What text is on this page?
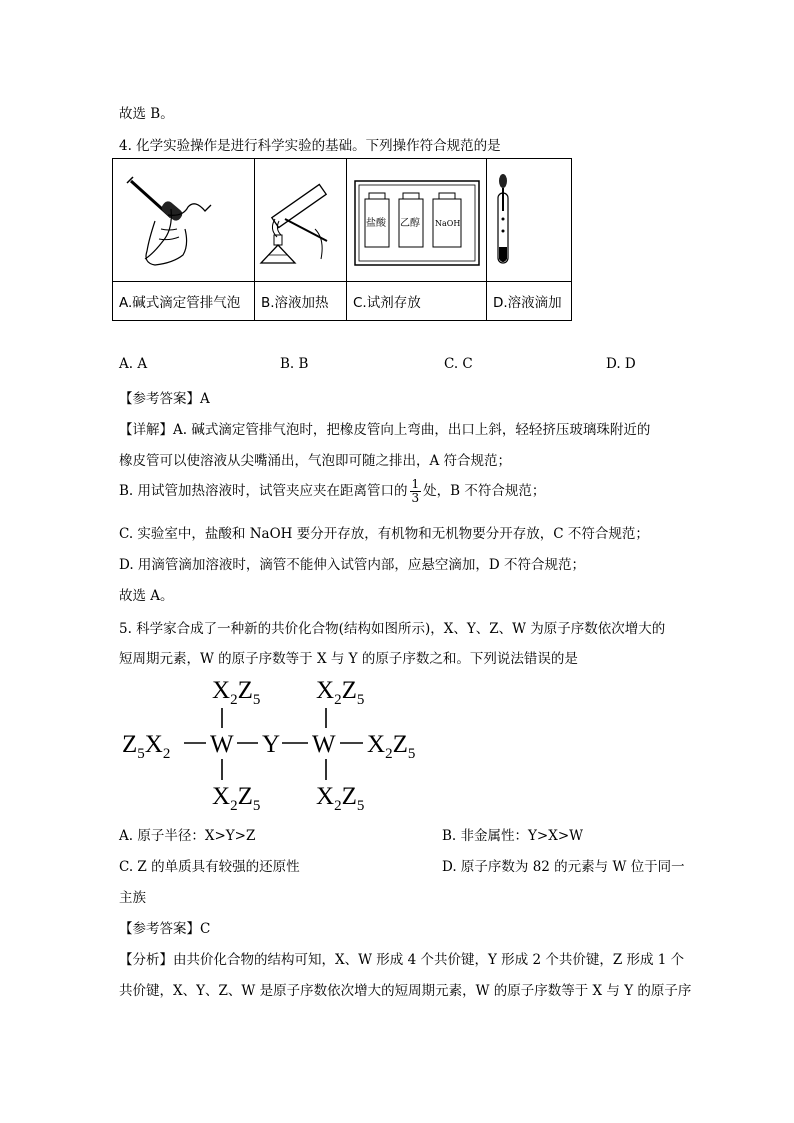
故选 B。
4. 化学实验操作是进行科学实验的基础。下列操作符合规范的是

盐酸 乙醇 NaOH

A.碱式滴定管排气泡	B.溶液加热	C.试剂存放	D.溶液滴加
A. A	B. B	C. C	D. D
【参考答案】A
【详解】A. 碱式滴定管排气泡时，把橡皮管向上弯曲，出口上斜，轻轻挤压玻璃珠附近的
橡皮管可以使溶液从尖嘴涌出，气泡即可随之排出，A 符合规范；
B. 用试管加热溶液时，试管夹应夹在距离管口的 $\frac{1}{3}$ 处，B 不符合规范；
C. 实验室中，盐酸和 NaOH 要分开存放，有机物和无机物要分开存放，C 不符合规范；
D. 用滴管滴加溶液时，滴管不能伸入试管内部，应悬空滴加，D 不符合规范；
故选 A。
5. 科学家合成了一种新的共价化合物(结构如图所示)，X、Y、Z、W 为原子序数依次增大的
短周期元素，W 的原子序数等于 X 与 Y 的原子序数之和。下列说法错误的是
$X_2Z_5$ $X_2Z_5$
$Z_5X_2$ W Y W $X_2Z_5$
$X_2Z_5$ $X_2Z_5$
A. 原子半径：X>Y>Z	B. 非金属性：Y>X>W
C. Z 的单质具有较强的还原性	D. 原子序数为 82 的元素与 W 位于同一
主族
【参考答案】C
【分析】由共价化合物的结构可知，X、W 形成 4 个共价键，Y 形成 2 个共价键，Z 形成 1 个
共价键，X、Y、Z、W 是原子序数依次增大的短周期元素，W 的原子序数等于 X 与 Y 的原子序
